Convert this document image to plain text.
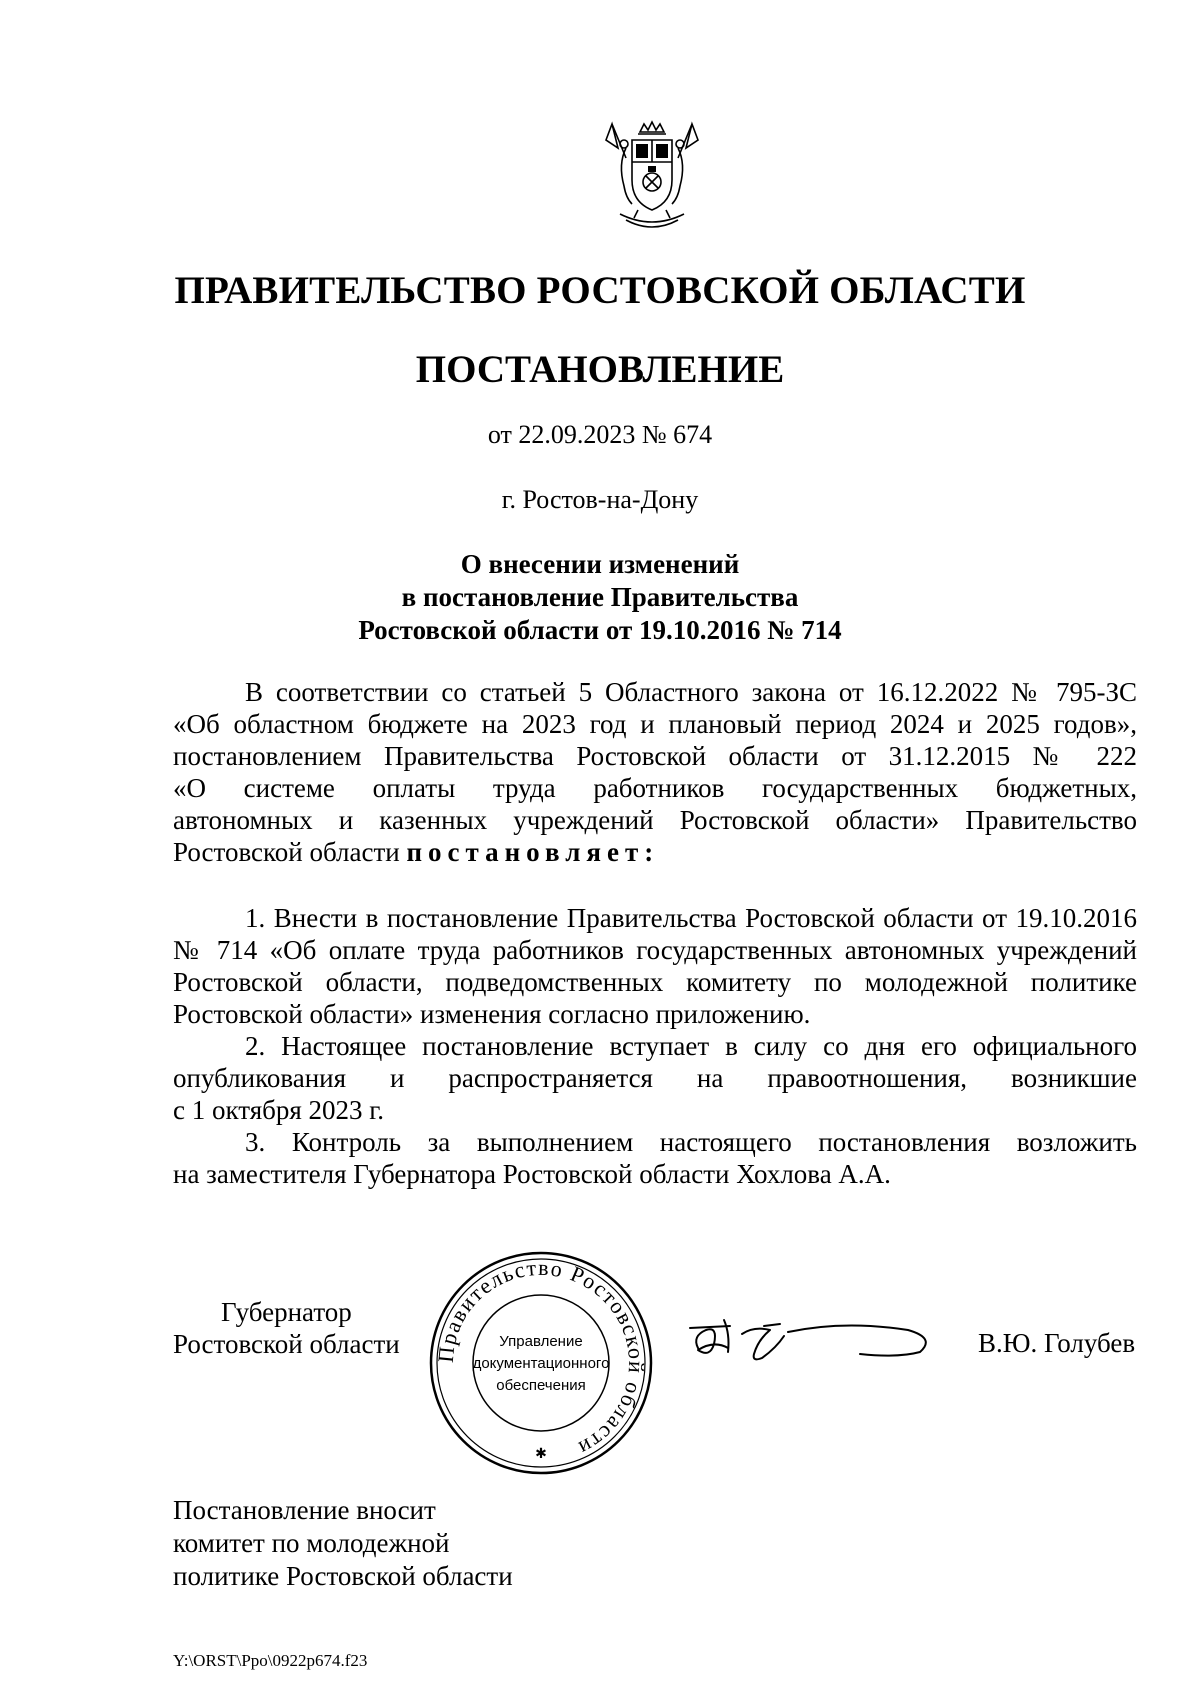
ПРАВИТЕЛЬСТВО РОСТОВСКОЙ ОБЛАСТИ
ПОСТАНОВЛЕНИЕ
от 22.09.2023 № 674
г. Ростов-на-Дону
О внесении изменений
в постановление Правительства
Ростовской области от 19.10.2016 № 714
В соответствии со статьей 5 Областного закона от 16.12.2022 № 795-ЗС
«Об областном бюджете на 2023 год и плановый период 2024 и 2025 годов»,
постановлением Правительства Ростовской области от 31.12.2015 № 222
«О системе оплаты труда работников государственных бюджетных,
автономных и казенных учреждений Ростовской области» Правительство
Ростовской области постановляет:
1. Внести в постановление Правительства Ростовской области от 19.10.2016
№ 714 «Об оплате труда работников государственных автономных учреждений
Ростовской области, подведомственных комитету по молодежной политике
Ростовской области» изменения согласно приложению.
2. Настоящее постановление вступает в силу со дня его официального
опубликования и распространяется на правоотношения, возникшие
с 1 октября 2023 г.
3. Контроль за выполнением настоящего постановления возложить
на заместителя Губернатора Ростовской области Хохлова А.А.
Губернатор
Ростовской области Правительство Ростовской области
Управление
документационного
обеспечения
✱
В.Ю. Голубев
Постановление вносит
комитет по молодежной
политике Ростовской области
Y:\ORST\Ppo\0922p674.f23
